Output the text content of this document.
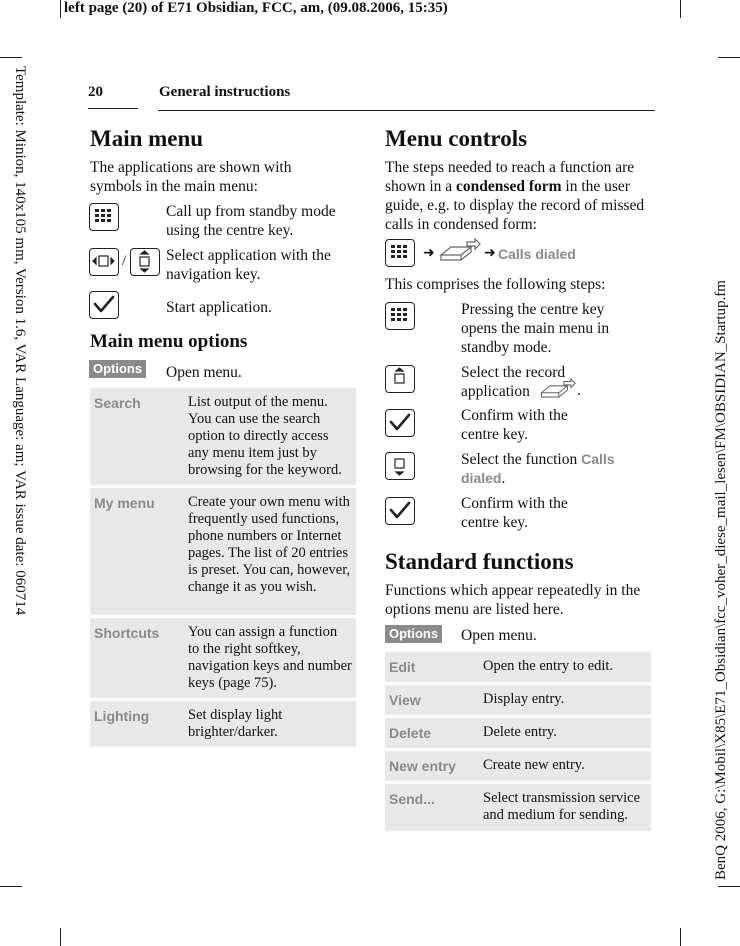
left page (20) of E71 Obsidian, FCC, am, (09.08.2006, 15:35)
Template: Minion, 140x105 mm, Version 1.6, VAR Language: am; VAR issue date: 060714	BenQ 2006, G:\Mobil\X85\E71_Obsidian\fcc_voher_diese_mail_lesen\FM\OBSIDIAN_Startup.fm
20	General instructions
Main menu

The applications are shown with symbols in the main menu:

Call up from standby mode using the centre key.

/	Select application with the navigation key.

Start application.

Main menu options
Options Open menu.

Search	List output of the menu. You can use the search option to directly access any menu item just by browsing for the keyword.
My menu	Create your own menu with frequently used functions, phone numbers or Internet pages. The list of 20 entries is preset. You can, however, change it as you wish.
Shortcuts	You can assign a function to the right softkey, navigation keys and number keys (page 75).
Lighting	Set display light brighter/darker.
Menu controls

The steps needed to reach a function are shown in a condensed form in the user guide, e.g. to display the record of missed calls in condensed form:

➜	➜ Calls dialed

This comprises the following steps:

Pressing the centre key opens the main menu in standby mode.

Select the record application	.

Confirm with the centre key.

Select the function Calls dialed.

Confirm with the centre key.

Standard functions

Functions which appear repeatedly in the options menu are listed here.

Options Open menu.

Edit	Open the entry to edit.
View	Display entry.
Delete	Delete entry.
New entry	Create new entry.
Send...	Select transmission service and medium for sending.
